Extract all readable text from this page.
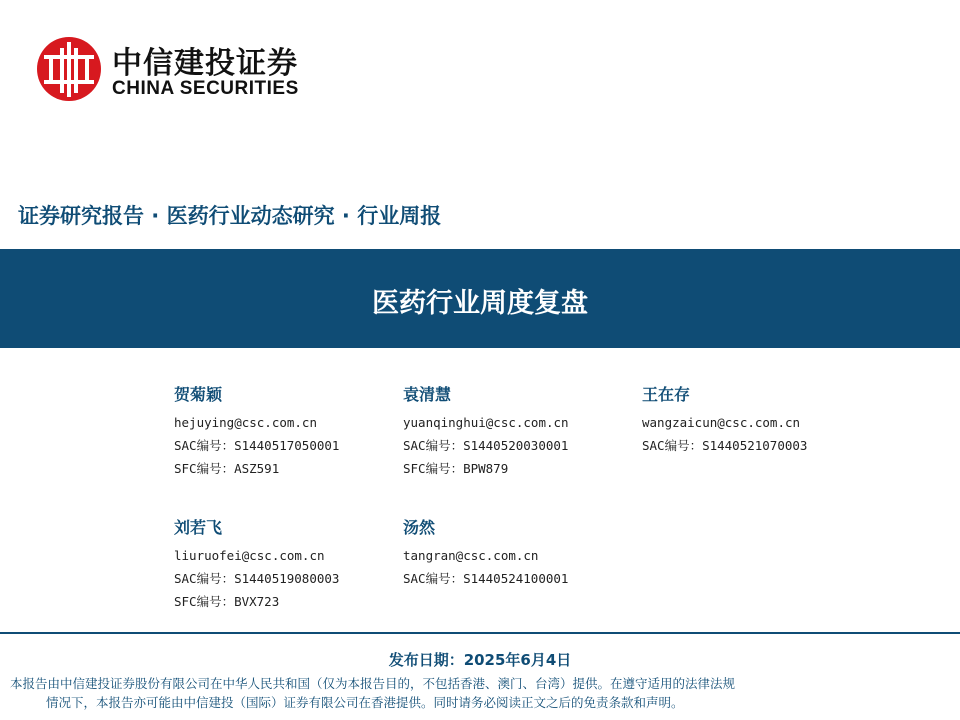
中信建投证券
CHINA SECURITIES
证券研究报告 · 医药行业动态研究 · 行业周报
医药行业周度复盘
贺菊颖
hejuying@csc.com.cn
SAC编号：S1440517050001
SFC编号：ASZ591
袁清慧
yuanqinghui@csc.com.cn
SAC编号：S1440520030001
SFC编号：BPW879
王在存
wangzaicun@csc.com.cn
SAC编号：S1440521070003
刘若飞
liuruofei@csc.com.cn
SAC编号：S1440519080003
SFC编号：BVX723
汤然
tangran@csc.com.cn
SAC编号：S1440524100001
发布日期：2025年6月4日
本报告由中信建投证券股份有限公司在中华人民共和国（仅为本报告目的，不包括香港、澳门、台湾）提供。在遵守适用的法律法规
情况下，本报告亦可能由中信建投（国际）证券有限公司在香港提供。同时请务必阅读正文之后的免责条款和声明。
